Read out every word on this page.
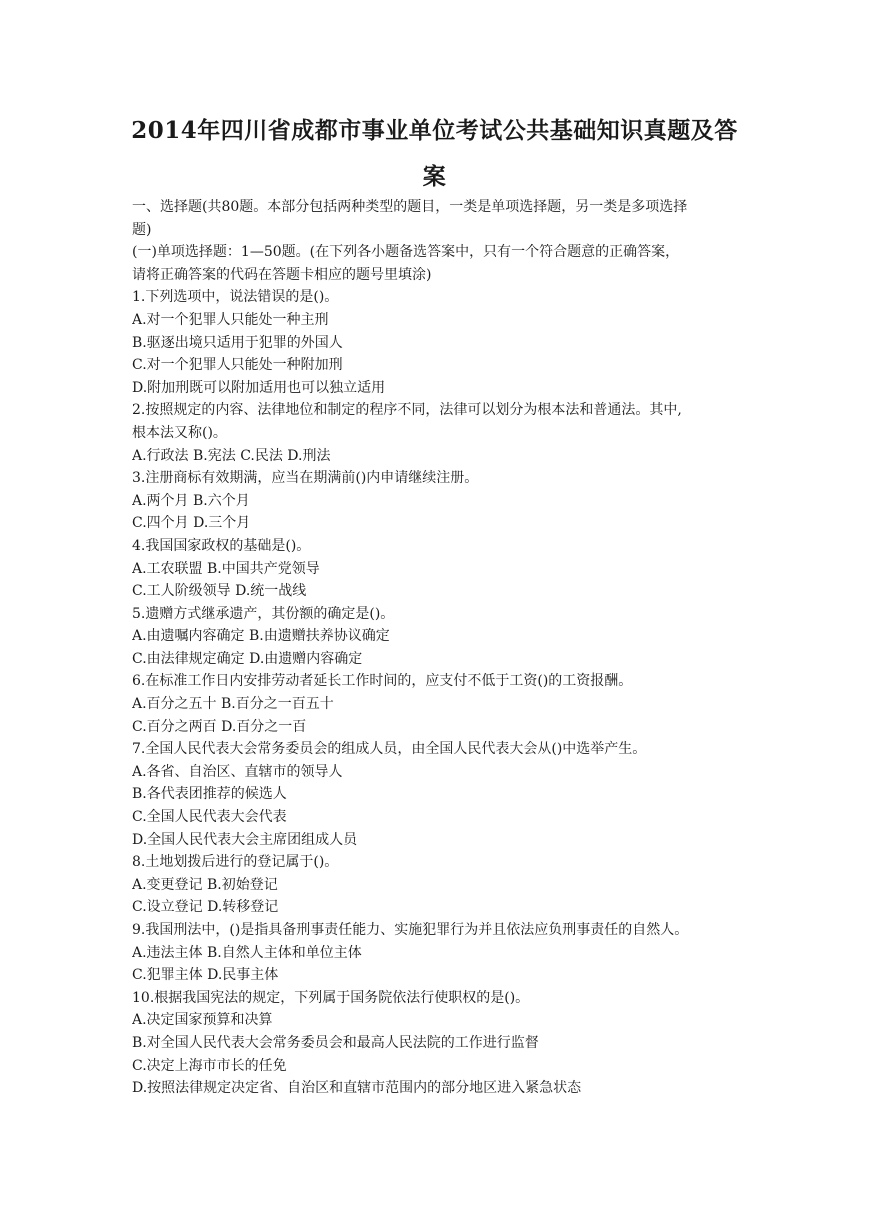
2014年四川省成都市事业单位考试公共基础知识真题及答
案
一、选择题(共80题。本部分包括两种类型的题目，一类是单项选择题，另一类是多项选择
题)
(一)单项选择题：1—50题。(在下列各小题备选答案中，只有一个符合题意的正确答案，
请将正确答案的代码在答题卡相应的题号里填涂)
1.下列选项中，说法错误的是()。
A.对一个犯罪人只能处一种主刑
B.驱逐出境只适用于犯罪的外国人
C.对一个犯罪人只能处一种附加刑
D.附加刑既可以附加适用也可以独立适用
2.按照规定的内容、法律地位和制定的程序不同，法律可以划分为根本法和普通法。其中,
根本法又称()。
A.行政法 B.宪法 C.民法 D.刑法
3.注册商标有效期满，应当在期满前()内申请继续注册。
A.两个月 B.六个月
C.四个月 D.三个月
4.我国国家政权的基础是()。
A.工农联盟 B.中国共产党领导
C.工人阶级领导 D.统一战线
5.遗赠方式继承遗产，其份额的确定是()。
A.由遗嘱内容确定 B.由遗赠扶养协议确定
C.由法律规定确定 D.由遗赠内容确定
6.在标准工作日内安排劳动者延长工作时间的，应支付不低于工资()的工资报酬。
A.百分之五十 B.百分之一百五十
C.百分之两百 D.百分之一百
7.全国人民代表大会常务委员会的组成人员，由全国人民代表大会从()中选举产生。
A.各省、自治区、直辖市的领导人
B.各代表团推荐的候选人
C.全国人民代表大会代表
D.全国人民代表大会主席团组成人员
8.土地划拨后进行的登记属于()。
A.变更登记 B.初始登记
C.设立登记 D.转移登记
9.我国刑法中，()是指具备刑事责任能力、实施犯罪行为并且依法应负刑事责任的自然人。
A.违法主体 B.自然人主体和单位主体
C.犯罪主体 D.民事主体
10.根据我国宪法的规定，下列属于国务院依法行使职权的是()。
A.决定国家预算和决算
B.对全国人民代表大会常务委员会和最高人民法院的工作进行监督
C.决定上海市市长的任免
D.按照法律规定决定省、自治区和直辖市范围内的部分地区进入紧急状态
